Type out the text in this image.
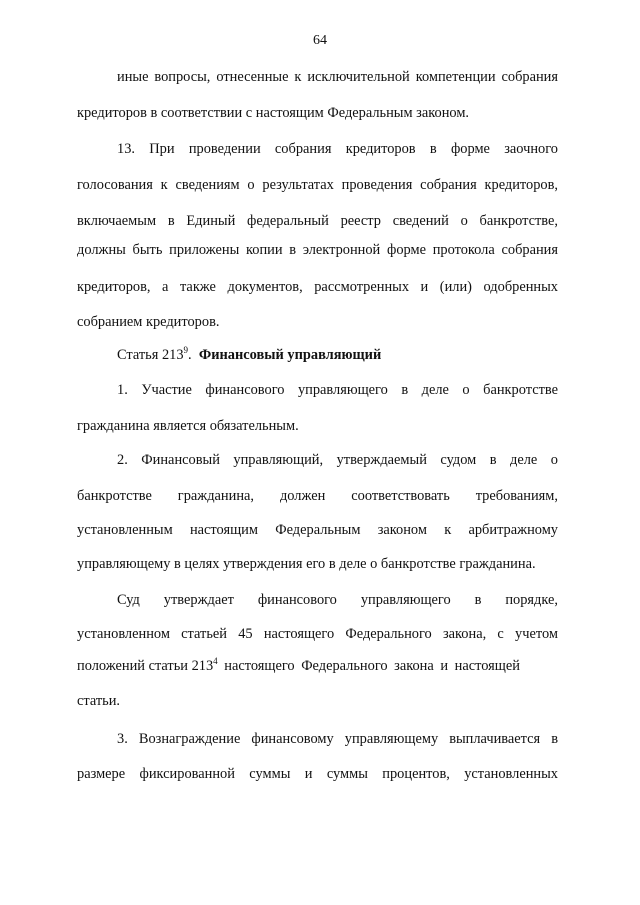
64
иные вопросы, отнесенные к исключительной компетенции собрания
кредиторов в соответствии с настоящим Федеральным законом.
13. При проведении собрания кредиторов в форме заочного
голосования к сведениям о результатах проведения собрания кредиторов,
включаемым в Единый федеральный реестр сведений о банкротстве,
должны быть приложены копии в электронной форме протокола собрания
кредиторов, а также документов, рассмотренных и (или) одобренных
собранием кредиторов.
Статья $213^9$. Финансовый управляющий
1. Участие финансового управляющего в деле о банкротстве
гражданина является обязательным.
2. Финансовый управляющий, утверждаемый судом в деле о
банкротстве гражданина, должен соответствовать требованиям,
установленным настоящим Федеральным законом к арбитражному
управляющему в целях утверждения его в деле о банкротстве гражданина.
Суд утверждает финансового управляющего в порядке,
установленном статьей 45 настоящего Федерального закона, с учетом
положений статьи $213^4$ настоящего Федерального закона и настоящей
статьи.
3. Вознаграждение финансовому управляющему выплачивается в
размере фиксированной суммы и суммы процентов, установленных
